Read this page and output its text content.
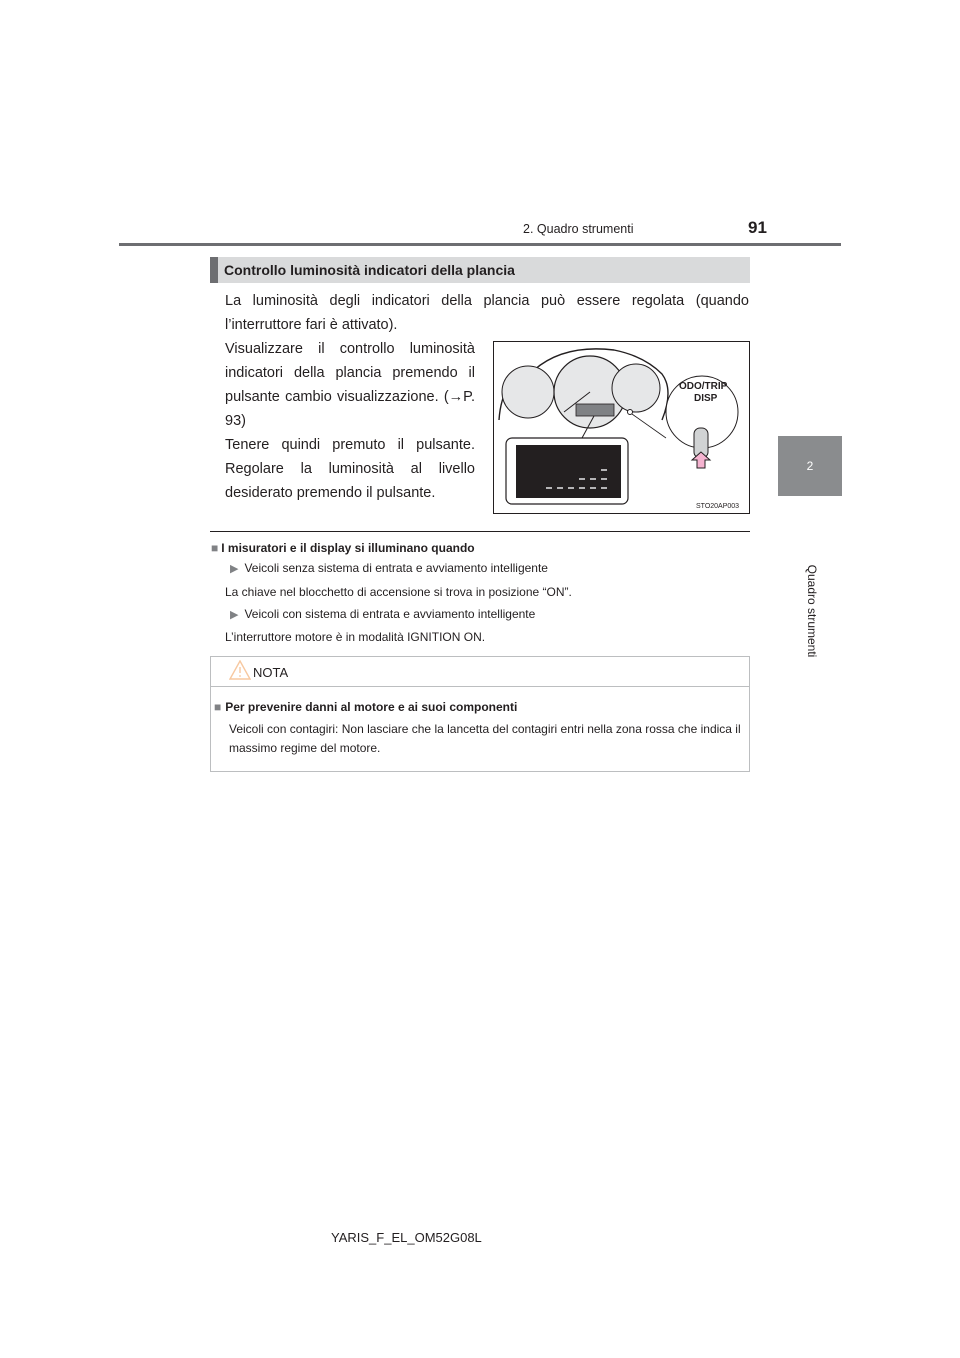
2. Quadro strumenti	91
2
Quadro strumenti
Controllo luminosità indicatori della plancia
La luminosità degli indicatori della plancia può essere regolata (quando l’interruttore fari è attivato).

Visualizzare il controllo luminosità indicatori della plancia premendo il pulsante cambio visualizzazione. (→P. 93)

Tenere quindi premuto il pulsante. Regolare la luminosità al livello desiderato premendo il pulsante.

ODO/TRIP
DISP
STO20AP003
■ I misuratori e il display si illuminano quando
▶ Veicoli senza sistema di entrata e avviamento intelligente
La chiave nel blocchetto di accensione si trova in posizione “ON”.
▶ Veicoli con sistema di entrata e avviamento intelligente
L’interruttore motore è in modalità IGNITION ON.
NOTA
■ Per prevenire danni al motore e ai suoi componenti
Veicoli con contagiri: Non lasciare che la lancetta del contagiri entri nella zona rossa che indica il massimo regime del motore.
YARIS_F_EL_OM52G08L
